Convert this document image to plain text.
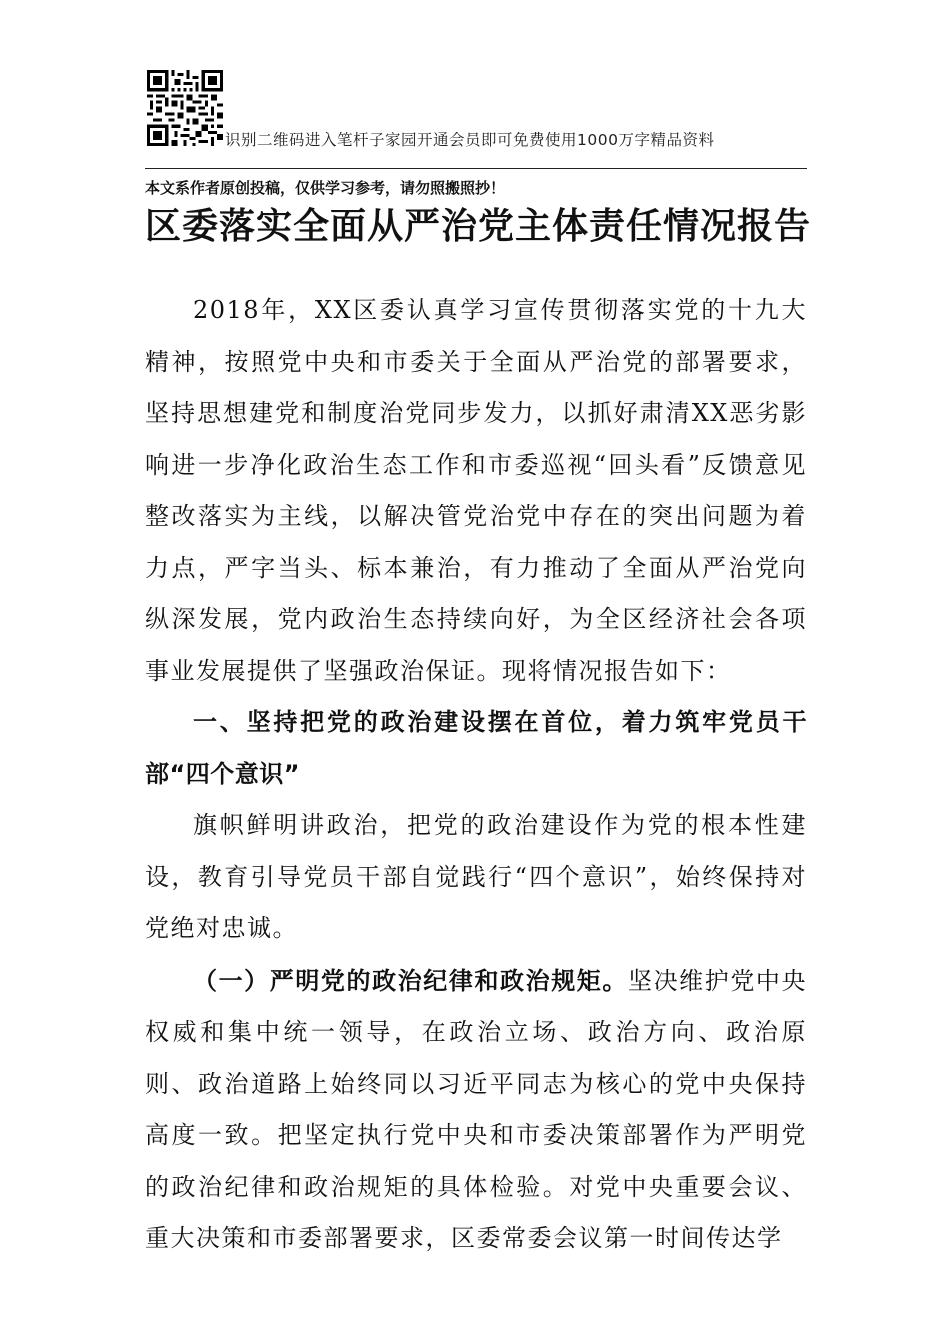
识别二维码进入笔杆子家园开通会员即可免费使用1000万字精品资料
本文系作者原创投稿，仅供学习参考，请勿照搬照抄！
区委落实全面从严治党主体责任情况报告

2018年，XX区委认真学习宣传贯彻落实党的十九大精神，按照党中央和市委关于全面从严治党的部署要求，坚持思想建党和制度治党同步发力，以抓好肃清XX恶劣影响进一步净化政治生态工作和市委巡视“回头看”反馈意见整改落实为主线，以解决管党治党中存在的突出问题为着力点，严字当头、标本兼治，有力推动了全面从严治党向纵深发展，党内政治生态持续向好，为全区经济社会各项事业发展提供了坚强政治保证。现将情况报告如下：

一、坚持把党的政治建设摆在首位，着力筑牢党员干部“四个意识”

旗帜鲜明讲政治，把党的政治建设作为党的根本性建设，教育引导党员干部自觉践行“四个意识”，始终保持对党绝对忠诚。

（一）严明党的政治纪律和政治规矩。坚决维护党中央权威和集中统一领导，在政治立场、政治方向、政治原则、政治道路上始终同以习近平同志为核心的党中央保持高度一致。把坚定执行党中央和市委决策部署作为严明党的政治纪律和政治规矩的具体检验。对党中央重要会议、重大决策和市委部署要求，区委常委会议第一时间传达学
